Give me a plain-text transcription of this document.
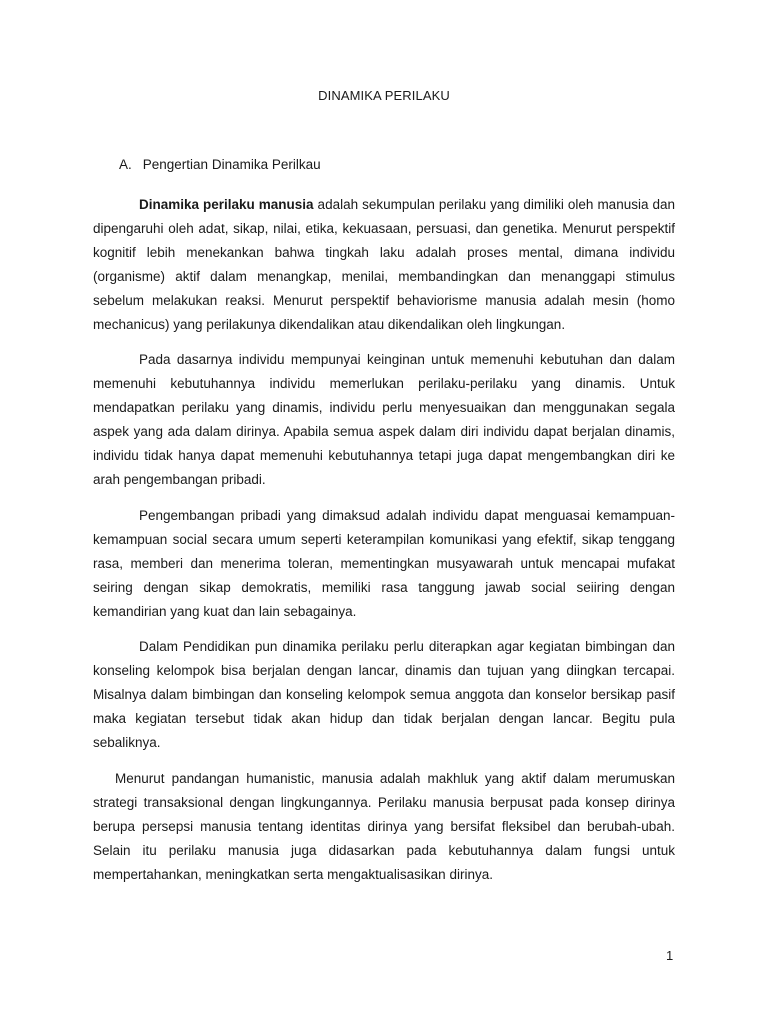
DINAMIKA PERILAKU
A. Pengertian Dinamika Perilkau

Dinamika perilaku manusia adalah sekumpulan perilaku yang dimiliki oleh manusia dan dipengaruhi oleh adat, sikap, nilai, etika, kekuasaan, persuasi, dan genetika. Menurut perspektif kognitif lebih menekankan bahwa tingkah laku adalah proses mental, dimana individu (organisme) aktif dalam menangkap, menilai, membandingkan dan menanggapi stimulus sebelum melakukan reaksi. Menurut perspektif behaviorisme manusia adalah mesin (homo mechanicus) yang perilakunya dikendalikan atau dikendalikan oleh lingkungan.

Pada dasarnya individu mempunyai keinginan untuk memenuhi kebutuhan dan dalam memenuhi kebutuhannya individu memerlukan perilaku-perilaku yang dinamis. Untuk mendapatkan perilaku yang dinamis, individu perlu menyesuaikan dan menggunakan segala aspek yang ada dalam dirinya. Apabila semua aspek dalam diri individu dapat berjalan dinamis, individu tidak hanya dapat memenuhi kebutuhannya tetapi juga dapat mengembangkan diri ke arah pengembangan pribadi.

Pengembangan pribadi yang dimaksud adalah individu dapat menguasai kemampuan-kemampuan social secara umum seperti keterampilan komunikasi yang efektif, sikap tenggang rasa, memberi dan menerima toleran, mementingkan musyawarah untuk mencapai mufakat seiring dengan sikap demokratis, memiliki rasa tanggung jawab social seiiring dengan kemandirian yang kuat dan lain sebagainya.

Dalam Pendidikan pun dinamika perilaku perlu diterapkan agar kegiatan bimbingan dan konseling kelompok bisa berjalan dengan lancar, dinamis dan tujuan yang diingkan tercapai. Misalnya dalam bimbingan dan konseling kelompok semua anggota dan konselor bersikap pasif maka kegiatan tersebut tidak akan hidup dan tidak berjalan dengan lancar. Begitu pula sebaliknya.

Menurut pandangan humanistic, manusia adalah makhluk yang aktif dalam merumuskan strategi transaksional dengan lingkungannya. Perilaku manusia berpusat pada konsep dirinya berupa persepsi manusia tentang identitas dirinya yang bersifat fleksibel dan berubah-ubah. Selain itu perilaku manusia juga didasarkan pada kebutuhannya dalam fungsi untuk mempertahankan, meningkatkan serta mengaktualisasikan dirinya.

1
